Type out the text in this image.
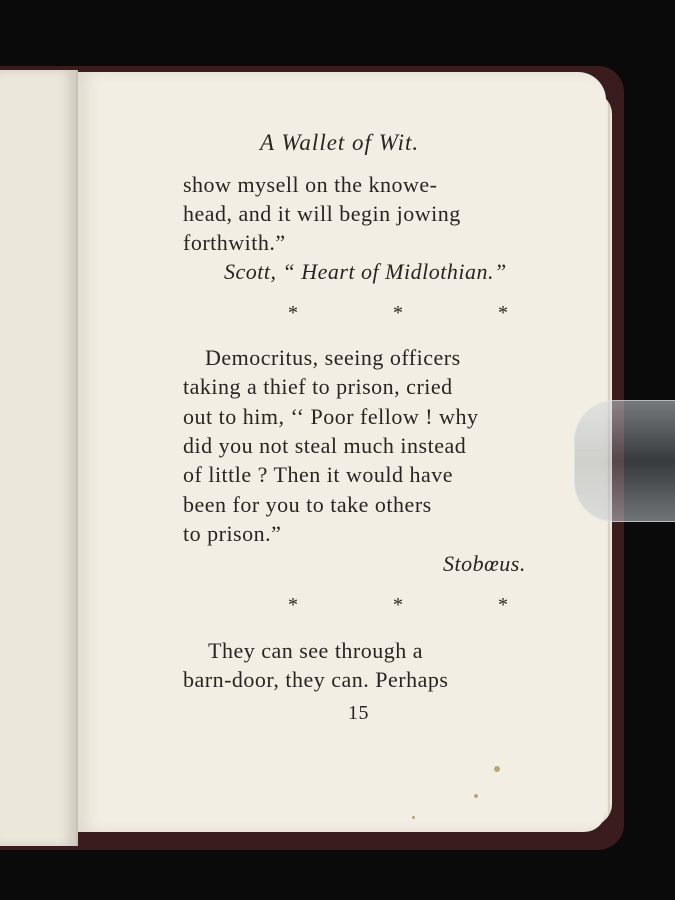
A Wallet of Wit.
show mysell on the knowe-
head, and it will begin jowing
forthwith.”
Scott, “ Heart of Midlothian.”
* * *
Democritus, seeing officers
taking a thief to prison, cried
out to him, ‘‘ Poor fellow ! why
did you not steal much instead
of little ? Then it would have
been for you to take others
to prison.”
Stobœus.
* * *
They can see through a
barn-door, they can. Perhaps
15
